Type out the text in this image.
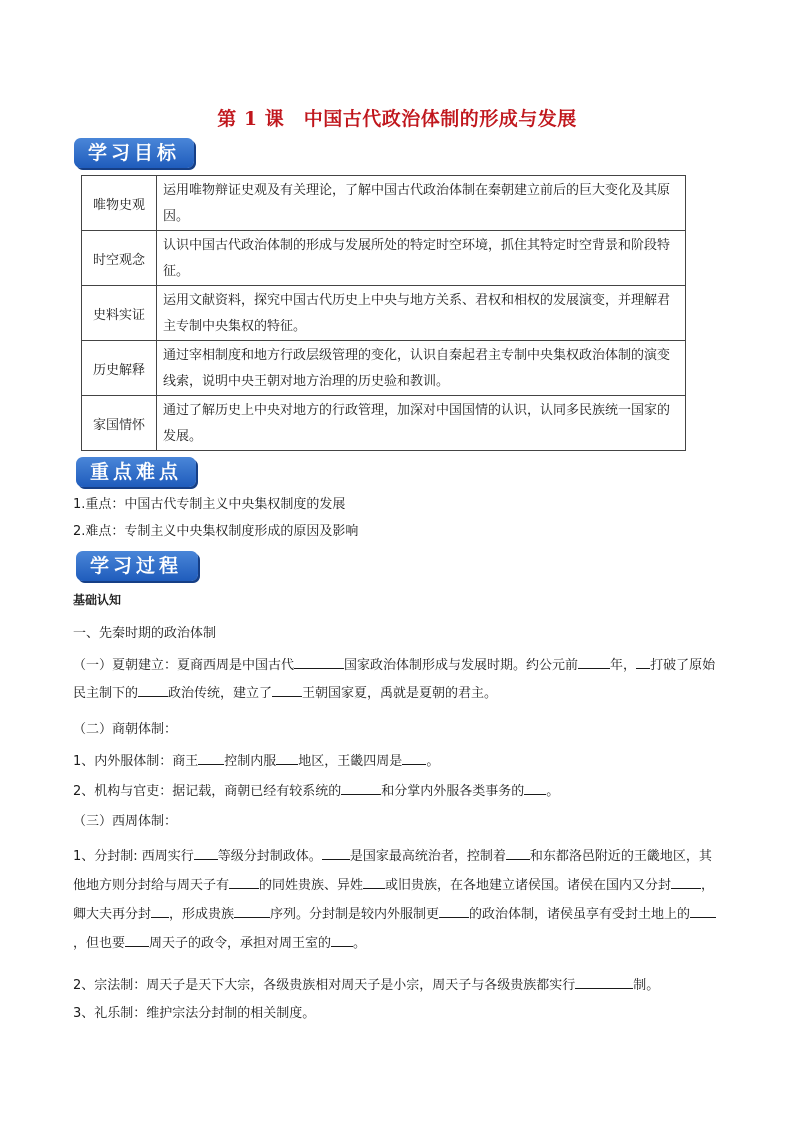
第 1 课　中国古代政治体制的形成与发展
学习目标
唯物史观	运用唯物辩证史观及有关理论，了解中国古代政治体制在秦朝建立前后的巨大变化及其原因。
时空观念	认识中国古代政治体制的形成与发展所处的特定时空环境，抓住其特定时空背景和阶段特征。
史料实证	运用文献资料，探究中国古代历史上中央与地方关系、君权和相权的发展演变，并理解君主专制中央集权的特征。
历史解释	通过宰相制度和地方行政层级管理的变化，认识自秦起君主专制中央集权政治体制的演变线索，说明中央王朝对地方治理的历史验和教训。
家国情怀	通过了解历史上中央对地方的行政管理，加深对中国国情的认识，认同多民族统一国家的发展。
重点难点
1.重点：中国古代专制主义中央集权制度的发展
2.难点：专制主义中央集权制度形成的原因及影响
学习过程
基础认知
一、先秦时期的政治体制
（一）夏朝建立：夏商西周是中国古代	国家政治体制形成与发展时期。约公元前 年， 打破了原始民主制下的 政治传统，建立了 王朝国家夏，禹就是夏朝的君主。
（二）商朝体制：
1、内外服体制：商王 控制内服 地区，王畿四周是 。
2、机构与官吏：据记载，商朝已经有较系统的	和分掌内外服各类事务的 。
（三）西周体制：
1、分封制: 西周实行 等级分封制政体。 是国家最高统治者，控制着 和东都洛邑附近的王畿地区，其他地方则分封给与周天子有 的同姓贵族、异姓 或旧贵族，在各地建立诸侯国。诸侯在国内又分封 ，卿大夫再分封 ，形成贵族	序列。分封制是较内外服制更 的政治体制，诸侯虽享有受封土地上的，但也要 周天子的政令，承担对周王室的 。
2、宗法制：周天子是天下大宗，各级贵族相对周天子是小宗，周天子与各级贵族都实行	制。
3、礼乐制：维护宗法分封制的相关制度。
